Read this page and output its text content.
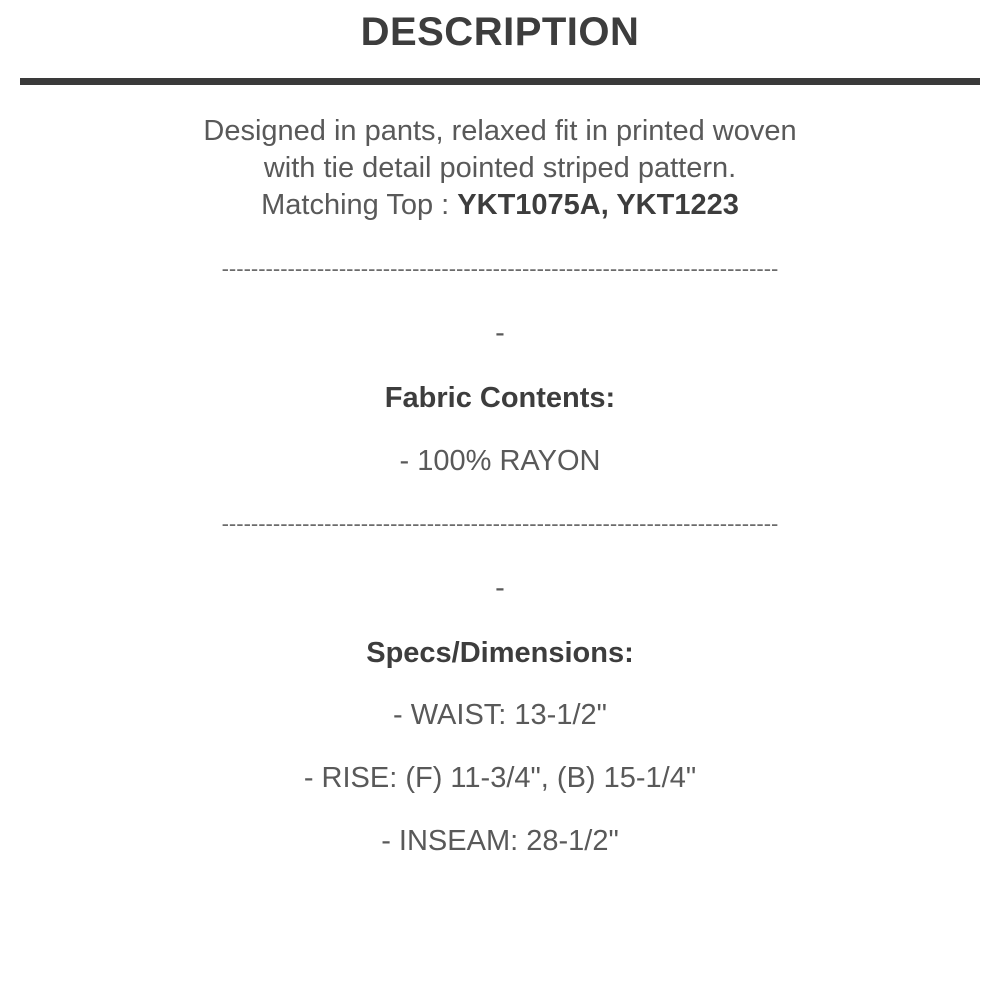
DESCRIPTION
Designed in pants, relaxed fit in printed woven
with tie detail pointed striped pattern.
Matching Top : YKT1075A, YKT1223
----------------------------------------------------------------------------
-
Fabric Contents:
- 100% RAYON
----------------------------------------------------------------------------
-
Specs/Dimensions:
- WAIST: 13-1/2"
- RISE: (F) 11-3/4", (B) 15-1/4"
- INSEAM: 28-1/2"
